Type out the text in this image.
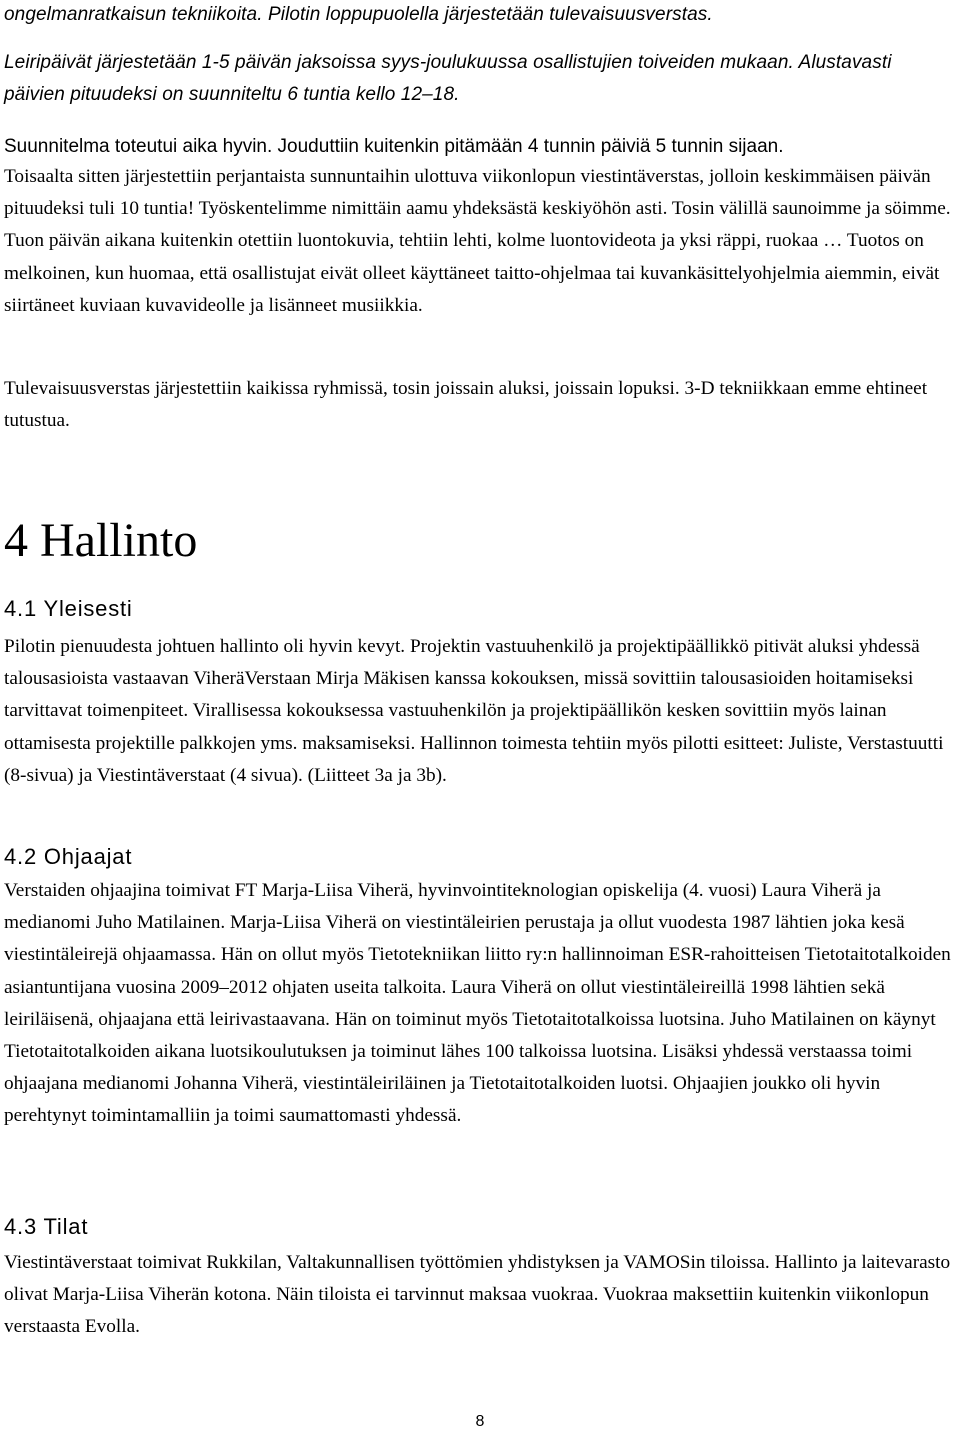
ongelmanratkaisun tekniikoita. Pilotin loppupuolella järjestetään tulevaisuusverstas.

Leiripäivät järjestetään 1-5 päivän jaksoissa syys-joulukuussa osallistujien toiveiden mukaan. Alustavasti päivien pituudeksi on suunniteltu 6 tuntia kello 12–18.

Suunnitelma toteutui aika hyvin. Jouduttiin kuitenkin pitämään 4 tunnin päiviä 5 tunnin sijaan.

Toisaalta sitten järjestettiin perjantaista sunnuntaihin ulottuva viikonlopun viestintäverstas, jolloin keskimmäisen päivän pituudeksi tuli 10 tuntia! Työskentelimme nimittäin aamu yhdeksästä keskiyöhön asti. Tosin välillä saunoimme ja söimme. Tuon päivän aikana kuitenkin otettiin luontokuvia, tehtiin lehti, kolme luontovideota ja yksi räppi, ruokaa … Tuotos on melkoinen, kun huomaa, että osallistujat eivät olleet käyttäneet taitto-ohjelmaa tai kuvankäsittelyohjelmia aiemmin, eivät siirtäneet kuviaan kuvavideolle ja lisänneet musiikkia.

Tulevaisuusverstas järjestettiin kaikissa ryhmissä, tosin joissain aluksi, joissain lopuksi. 3-D tekniikkaan emme ehtineet tutustua.

4 Hallinto
4.1 Yleisesti

Pilotin pienuudesta johtuen hallinto oli hyvin kevyt. Projektin vastuuhenkilö ja projektipäällikkö pitivät aluksi yhdessä talousasioista vastaavan ViheräVerstaan Mirja Mäkisen kanssa kokouksen, missä sovittiin talousasioiden hoitamiseksi tarvittavat toimenpiteet. Virallisessa kokouksessa vastuuhenkilön ja projektipäällikön kesken sovittiin myös lainan ottamisesta projektille palkkojen yms. maksamiseksi. Hallinnon toimesta tehtiin myös pilotti esitteet: Juliste, Verstastuutti (8-sivua) ja Viestintäverstaat (4 sivua). (Liitteet 3a ja 3b).

4.2 Ohjaajat

Verstaiden ohjaajina toimivat FT Marja-Liisa Viherä, hyvinvointiteknologian opiskelija (4. vuosi) Laura Viherä ja medianomi Juho Matilainen. Marja-Liisa Viherä on viestintäleirien perustaja ja ollut vuodesta 1987 lähtien joka kesä viestintäleirejä ohjaamassa. Hän on ollut myös Tietotekniikan liitto ry:n hallinnoiman ESR-rahoitteisen Tietotaitotalkoiden asiantuntijana vuosina 2009–2012 ohjaten useita talkoita. Laura Viherä on ollut viestintäleireillä 1998 lähtien sekä leiriläisenä, ohjaajana että leirivastaavana. Hän on toiminut myös Tietotaitotalkoissa luotsina. Juho Matilainen on käynyt Tietotaitotalkoiden aikana luotsikoulutuksen ja toiminut lähes 100 talkoissa luotsina. Lisäksi yhdessä verstaassa toimi ohjaajana medianomi Johanna Viherä, viestintäleiriläinen ja Tietotaitotalkoiden luotsi. Ohjaajien joukko oli hyvin perehtynyt toimintamalliin ja toimi saumattomasti yhdessä.

4.3 Tilat

Viestintäverstaat toimivat Rukkilan, Valtakunnallisen työttömien yhdistyksen ja VAMOSin tiloissa. Hallinto ja laitevarasto olivat Marja-Liisa Viherän kotona. Näin tiloista ei tarvinnut maksaa vuokraa. Vuokraa maksettiin kuitenkin viikonlopun verstaasta Evolla.

8
